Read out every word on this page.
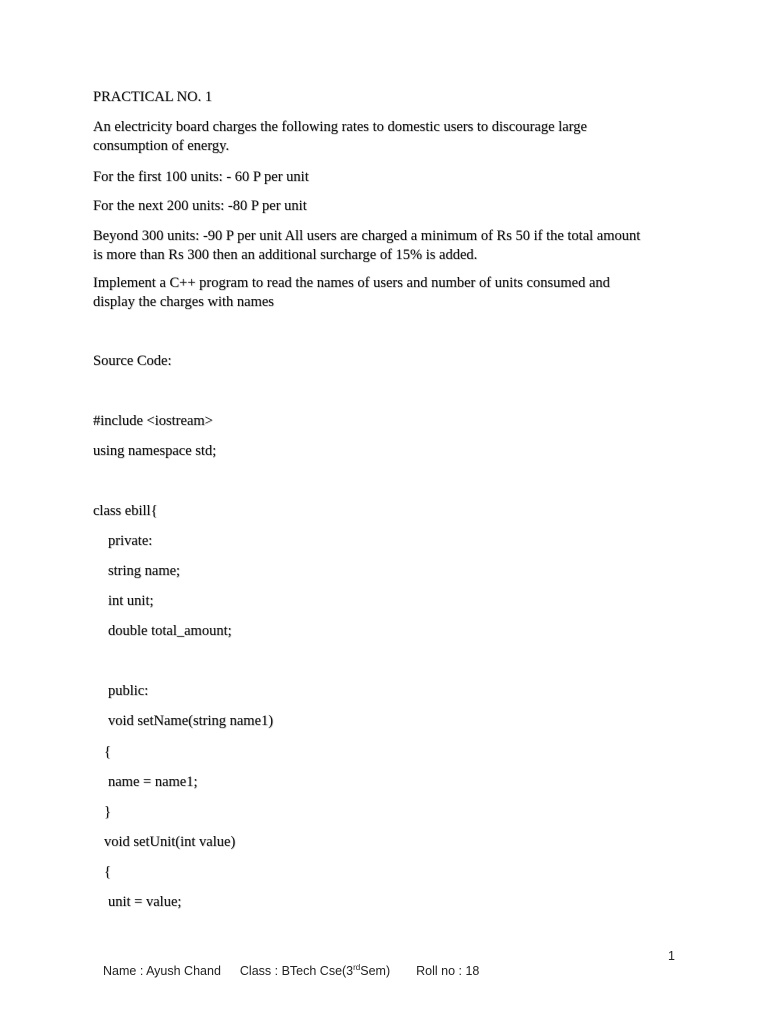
PRACTICAL NO. 1

An electricity board charges the following rates to domestic users to discourage large consumption of energy.

For the first 100 units: - 60 P per unit

For the next 200 units: -80 P per unit

Beyond 300 units: -90 P per unit All users are charged a minimum of Rs 50 if the total amount is more than Rs 300 then an additional surcharge of 15% is added.

Implement a C++ program to read the names of users and number of units consumed and display the charges with names

Source Code:

#include <iostream>

using namespace std;

class ebill{

private:

string name;

int unit;

double total_amount;

public:

void setName(string name1)

{

name = name1;

}

void setUnit(int value)

{

unit = value;

1
Name : Ayush Chand Class : BTech Cse(3rdSem) Roll no : 18
